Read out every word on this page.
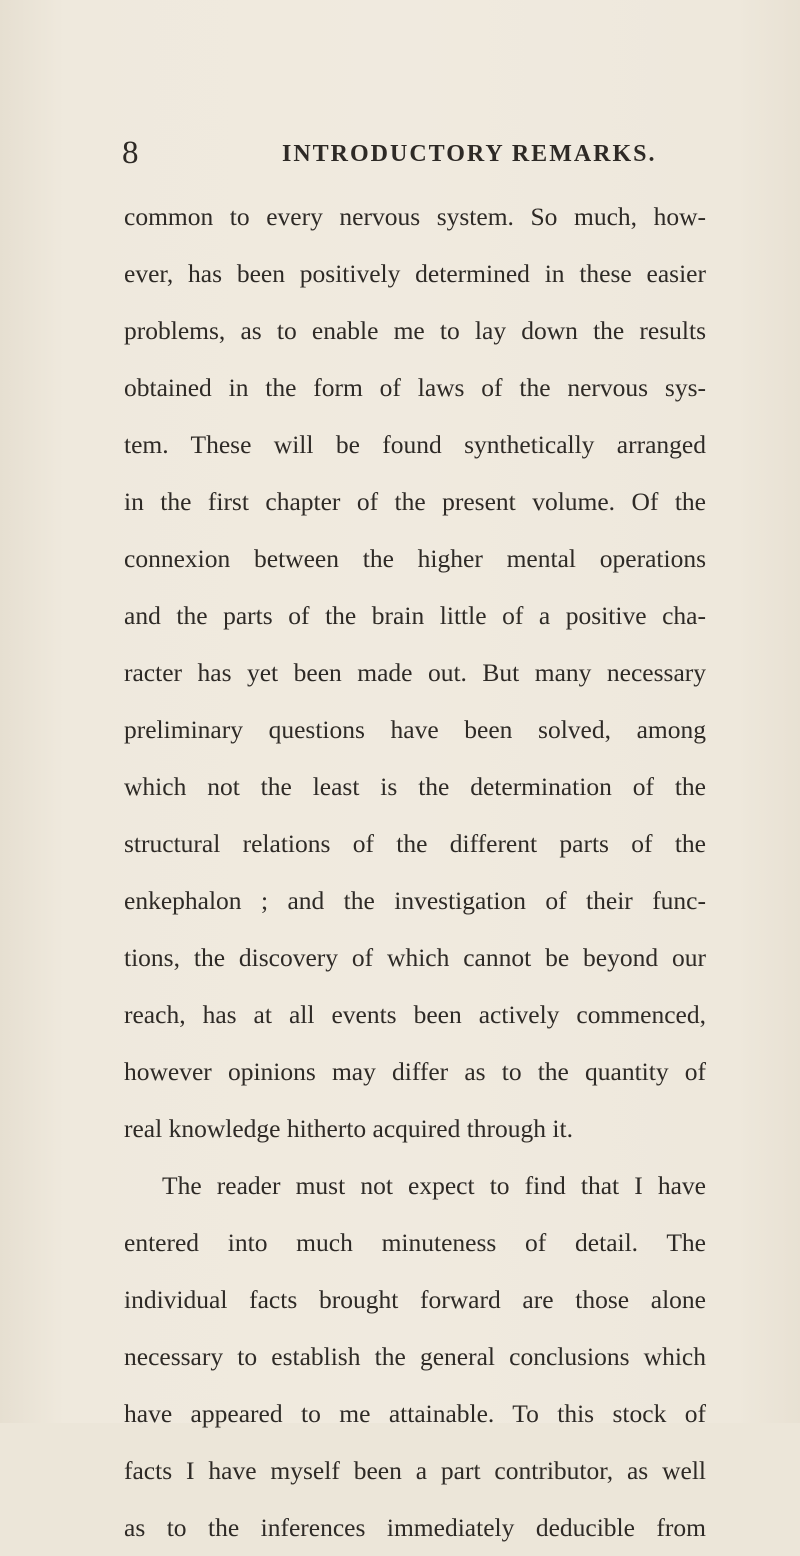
8	INTRODUCTORY REMARKS.
common to every nervous system. So much, how-
ever, has been positively determined in these easier
problems, as to enable me to lay down the results
obtained in the form of laws of the nervous sys-
tem. These will be found synthetically arranged
in the first chapter of the present volume. Of the
connexion between the higher mental operations
and the parts of the brain little of a positive cha-
racter has yet been made out. But many necessary
preliminary questions have been solved, among
which not the least is the determination of the
structural relations of the different parts of the
enkephalon ; and the investigation of their func-
tions, the discovery of which cannot be beyond our
reach, has at all events been actively commenced,
however opinions may differ as to the quantity of
real knowledge hitherto acquired through it.
The reader must not expect to find that I have
entered into much minuteness of detail. The
individual facts brought forward are those alone
necessary to establish the general conclusions which
have appeared to me attainable. To this stock of
facts I have myself been a part contributor, as well
as to the inferences immediately deducible from
